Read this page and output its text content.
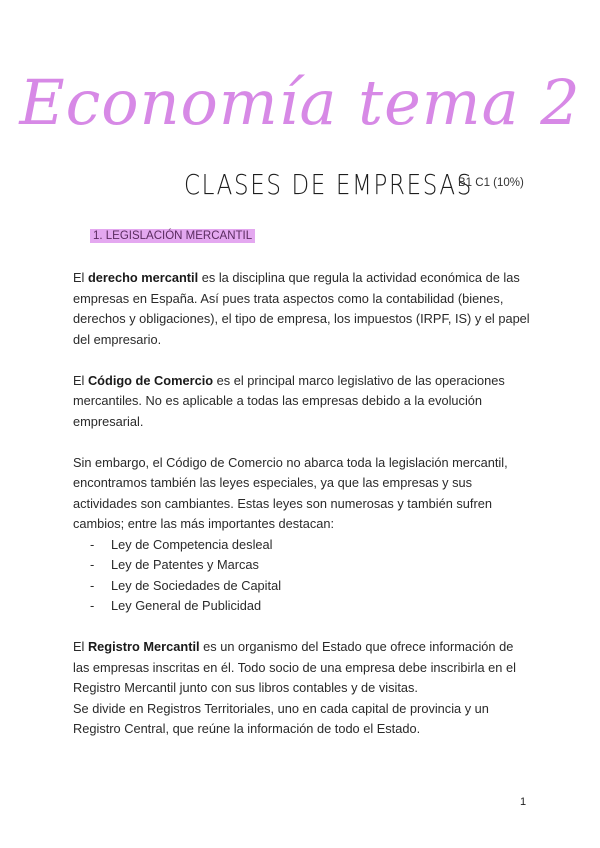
Economía tema 2
CLASES DE EMPRESAS
B1 C1 (10%)
1. LEGISLACIÓN MERCANTIL

El derecho mercantil es la disciplina que regula la actividad económica de las empresas en España. Así pues trata aspectos como la contabilidad (bienes, derechos y obligaciones), el tipo de empresa, los impuestos (IRPF, IS) y el papel del empresario.

El Código de Comercio es el principal marco legislativo de las operaciones mercantiles. No es aplicable a todas las empresas debido a la evolución empresarial.

Sin embargo, el Código de Comercio no abarca toda la legislación mercantil, encontramos también las leyes especiales, ya que las empresas y sus actividades son cambiantes. Estas leyes son numerosas y también sufren cambios; entre las más importantes destacan:

- Ley de Competencia desleal
- Ley de Patentes y Marcas
- Ley de Sociedades de Capital
- Ley General de Publicidad

El Registro Mercantil es un organismo del Estado que ofrece información de las empresas inscritas en él. Todo socio de una empresa debe inscribirla en el Registro Mercantil junto con sus libros contables y de visitas.

Se divide en Registros Territoriales, uno en cada capital de provincia y un Registro Central, que reúne la información de todo el Estado.

1
